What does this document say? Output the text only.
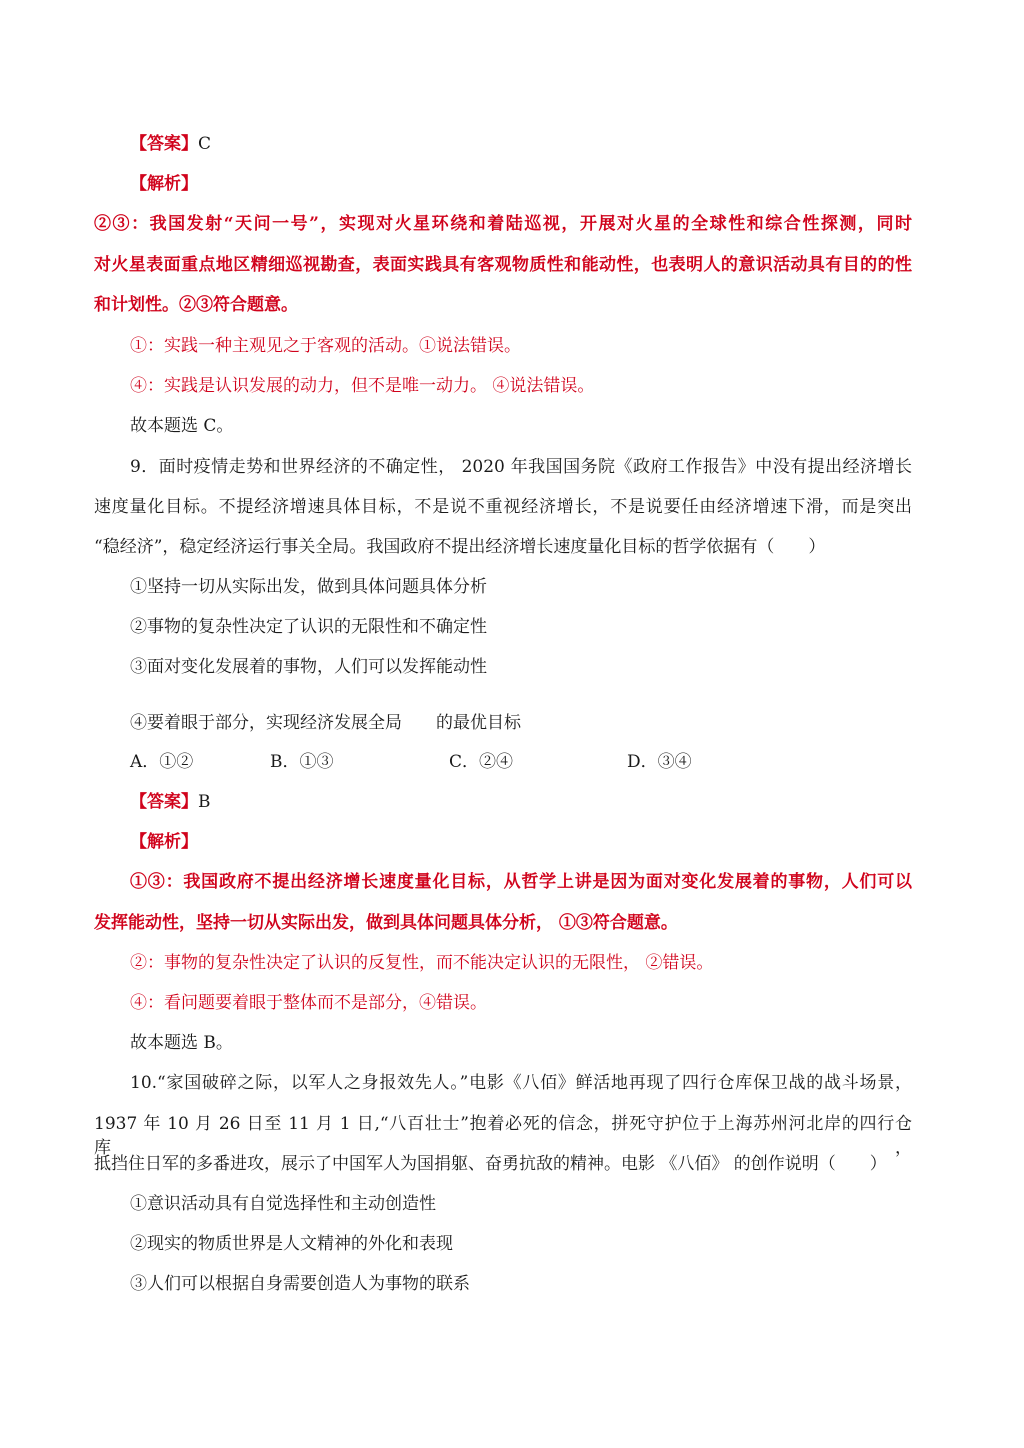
【答案】C
【解析】
②③：我国发射“天问一号”，实现对火星环绕和着陆巡视，开展对火星的全球性和综合性探测，同时
对火星表面重点地区精细巡视勘查，表面实践具有客观物质性和能动性，也表明人的意识活动具有目的的性
和计划性。②③符合题意。
①：实践一种主观见之于客观的活动。①说法错误。
④：实践是认识发展的动力，但不是唯一动力。 ④说法错误。
故本题选 C。
9．面时疫情走势和世界经济的不确定性， 2020 年我国国务院《政府工作报告》中没有提出经济增长
速度量化目标。不提经济增速具体目标，不是说不重视经济增长，不是说要任由经济增速下滑，而是突出
“稳经济”，稳定经济运行事关全局。我国政府不提出经济增长速度量化目标的哲学依据有（　　）
①坚持一切从实际出发，做到具体问题具体分析
②事物的复杂性决定了认识的无限性和不确定性
③面对变化发展着的事物，人们可以发挥能动性
④要着眼于部分，实现经济发展全局　　的最优目标
A．①②	B．①③	C．②④	D．③④
【答案】B
【解析】
①③：我国政府不提出经济增长速度量化目标，从哲学上讲是因为面对变化发展着的事物，人们可以
发挥能动性，坚持一切从实际出发，做到具体问题具体分析， ①③符合题意。
②：事物的复杂性决定了认识的反复性，而不能决定认识的无限性， ②错误。
④：看问题要着眼于整体而不是部分，④错误。
故本题选 B。
10.“家国破碎之际，以军人之身报效先人。”电影《八佰》鲜活地再现了四行仓库保卫战的战斗场景，
1937 年 10 月 26 日至 11 月 1 日,“八百壮士”抱着必死的信念，拼死守护位于上海苏州河北岸的四行仓库，
抵挡住日军的多番进攻，展示了中国军人为国捐躯、奋勇抗敌的精神。电影 《八佰》 的创作说明（　　）
①意识活动具有自觉选择性和主动创造性
②现实的物质世界是人文精神的外化和表现
③人们可以根据自身需要创造人为事物的联系
